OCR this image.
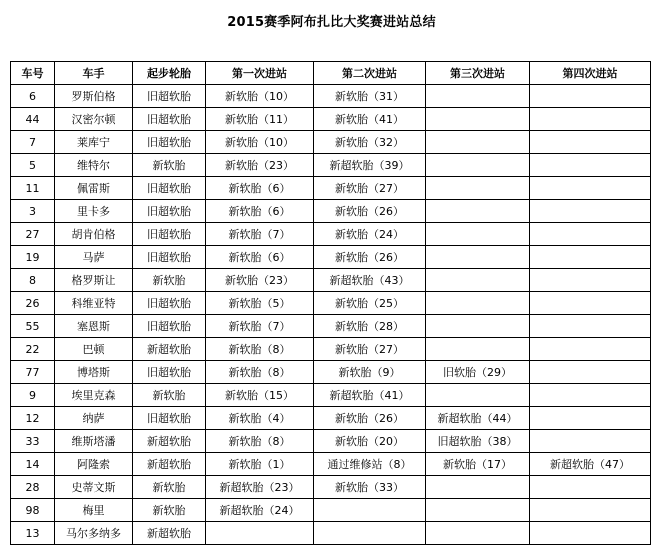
2015赛季阿布扎比大奖赛进站总结
车号	车手	起步轮胎	第一次进站	第二次进站	第三次进站	第四次进站
6	罗斯伯格	旧超软胎	新软胎（10）	新软胎（31）		
44	汉密尔顿	旧超软胎	新软胎（11）	新软胎（41）		
7	莱库宁	旧超软胎	新软胎（10）	新软胎（32）		
5	维特尔	新软胎	新软胎（23）	新超软胎（39）		
11	佩雷斯	旧超软胎	新软胎（6）	新软胎（27）		
3	里卡多	旧超软胎	新软胎（6）	新软胎（26）		
27	胡肯伯格	旧超软胎	新软胎（7）	新软胎（24）		
19	马萨	旧超软胎	新软胎（6）	新软胎（26）		
8	格罗斯让	新软胎	新软胎（23）	新超软胎（43）		
26	科维亚特	旧超软胎	新软胎（5）	新软胎（25）		
55	塞恩斯	旧超软胎	新软胎（7）	新软胎（28）		
22	巴顿	新超软胎	新软胎（8）	新软胎（27）		
77	博塔斯	旧超软胎	新软胎（8）	新软胎（9）	旧软胎（29）	
9	埃里克森	新软胎	新软胎（15）	新超软胎（41）		
12	纳萨	旧超软胎	新软胎（4）	新软胎（26）	新超软胎（44）	
33	维斯塔潘	新超软胎	新软胎（8）	新软胎（20）	旧超软胎（38）	
14	阿隆索	新超软胎	新软胎（1）	通过维修站（8）	新软胎（17）	新超软胎（47）
28	史蒂文斯	新软胎	新超软胎（23）	新软胎（33）		
98	梅里	新软胎	新超软胎（24）			
13	马尔多纳多	新超软胎				
